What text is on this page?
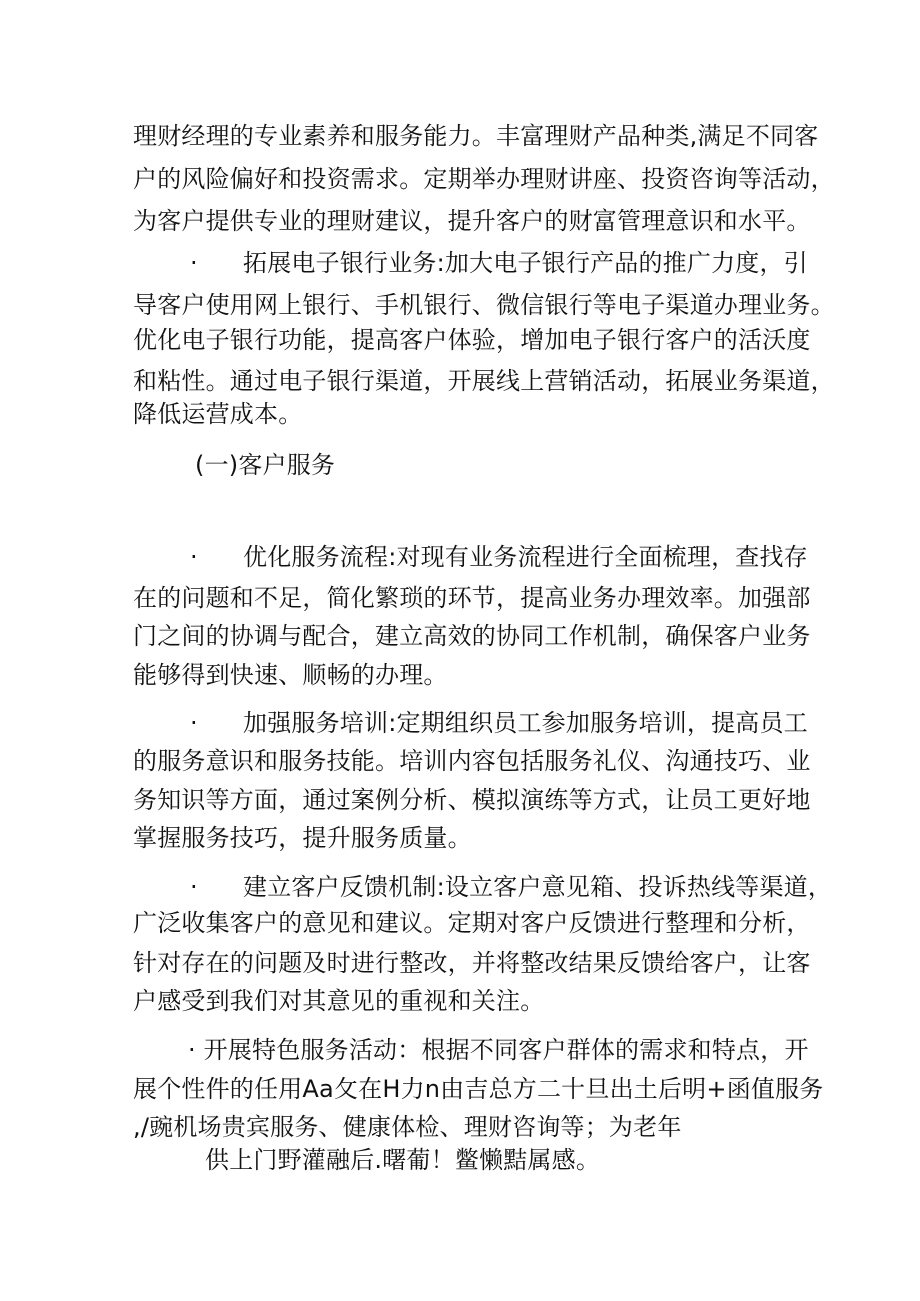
理财经理的专业素养和服务能力。丰富理财产品种类,满足不同客
户的风险偏好和投资需求。定期举办理财讲座、投资咨询等活动，
为客户提供专业的理财建议，提升客户的财富管理意识和水平。
· 拓展电子银行业务:加大电子银行产品的推广力度，引
导客户使用网上银行、手机银行、微信银行等电子渠道办理业务。
优化电子银行功能，提高客户体验，增加电子银行客户的活沃度
和粘性。通过电子银行渠道，开展线上营销活动，拓展业务渠道，
降低运营成本。
(一)客户服务
· 优化服务流程:对现有业务流程进行全面梳理，查找存
在的问题和不足，简化繁琐的环节，提高业务办理效率。加强部
门之间的协调与配合，建立高效的协同工作机制，确保客户业务
能够得到快速、顺畅的办理。
· 加强服务培训:定期组织员工参加服务培训，提高员工
的服务意识和服务技能。培训内容包括服务礼仪、沟通技巧、业
务知识等方面，通过案例分析、模拟演练等方式，让员工更好地
掌握服务技巧，提升服务质量。
· 建立客户反馈机制:设立客户意见箱、投诉热线等渠道，
广泛收集客户的意见和建议。定期对客户反馈进行整理和分析，
针对存在的问题及时进行整改，并将整改结果反馈给客户，让客
户感受到我们对其意见的重视和关注。
· 开展特色服务活动：根据不同客户群体的需求和特点，开
展个性件的任用Aa攵在H力n由吉总方二十旦出土后明+函值服务
,/豌机场贵宾服务、健康体检、理财咨询等；为老年
供上门野灌融后.曙葡！鳖懒黠属感。
